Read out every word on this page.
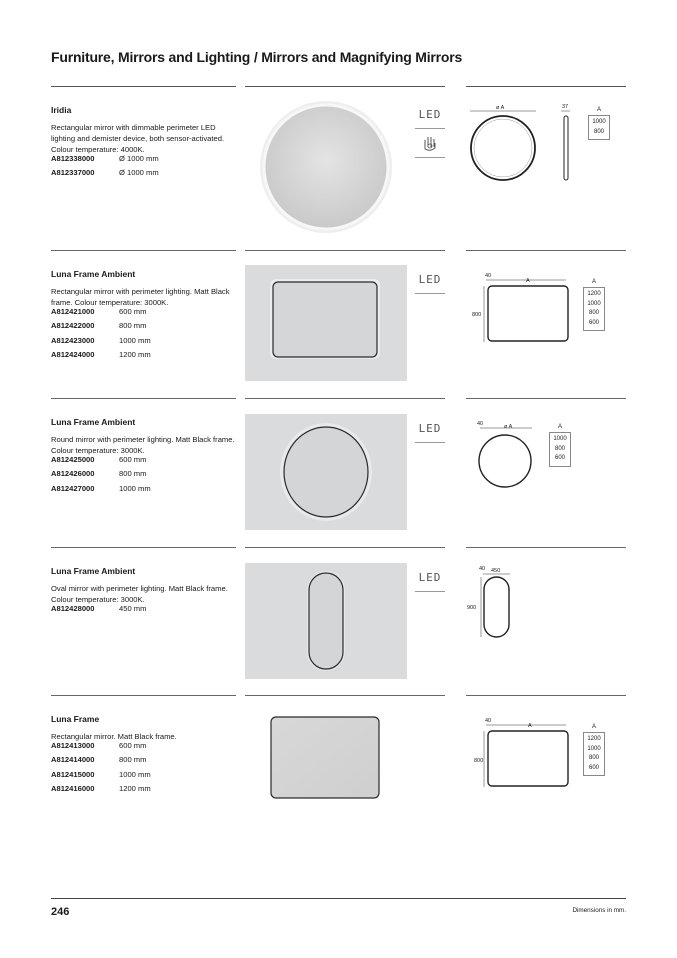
Furniture, Mirrors and Lighting / Mirrors and Magnifying Mirrors
Iridia
Rectangular mirror with dimmable perimeter LED lighting and demister device, both sensor-activated. Colour temperature: 4000K.
A812338000	Ø 1000 mm
A812337000	Ø 1000 mm
LED	ø A	37	A
1000
800
Luna Frame Ambient
Rectangular mirror with perimeter lighting. Matt Black frame. Colour temperature: 3000K.
A812421000	600 mm
A812422000	800 mm
A812423000	1000 mm
A812424000	1200 mm
LED	40
A
800
A
1200
1000
800
600
Luna Frame Ambient
Round mirror with perimeter lighting. Matt Black frame. Colour temperature: 3000K.
A812425000	600 mm
A812426000	800 mm
A812427000	1000 mm
LED	40	ø A	A
1000
800
600
Luna Frame Ambient
Oval mirror with perimeter lighting. Matt Black frame. Colour temperature: 3000K.
A812428000	450 mm
LED
40 450
900
Luna Frame
Rectangular mirror. Matt Black frame.
A812413000	600 mm
A812414000	800 mm
A812415000	1000 mm
A812416000	1200 mm
40
A
800
A
1200
1000
800
600
246	Dimensions in mm.
